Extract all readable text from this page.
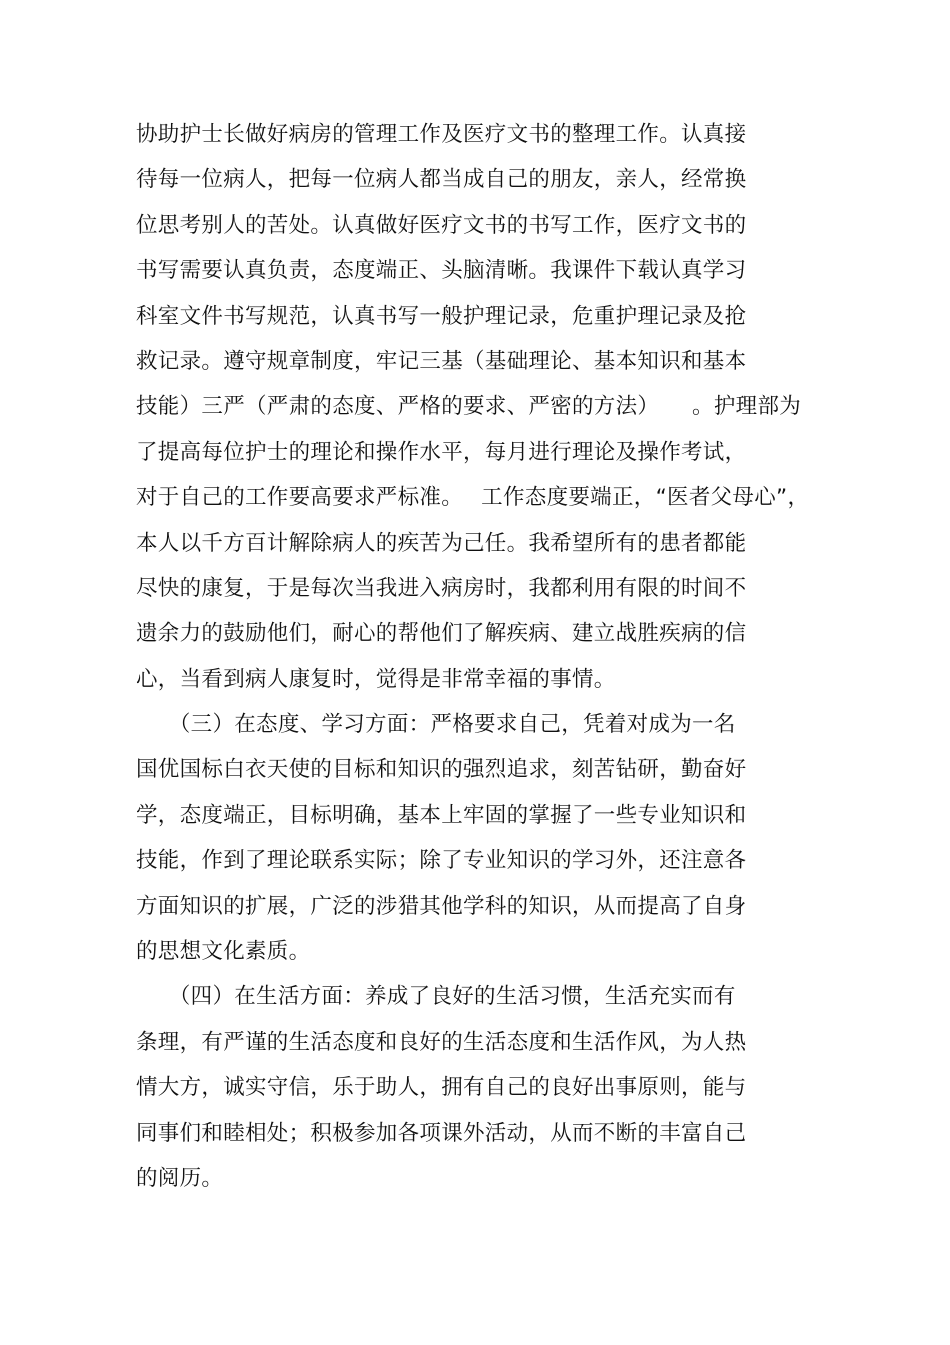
协助护士长做好病房的管理工作及医疗文书的整理工作。认真接
待每一位病人，把每一位病人都当成自己的朋友，亲人，经常换
位思考别人的苦处。认真做好医疗文书的书写工作，医疗文书的
书写需要认真负责，态度端正、头脑清晰。我课件下载认真学习
科室文件书写规范，认真书写一般护理记录，危重护理记录及抢
救记录。遵守规章制度，牢记三基（基础理论、基本知识和基本
技能）三严（严肃的态度、严格的要求、严密的方法）　　。护理部为
了提高每位护士的理论和操作水平，每月进行理论及操作考试，
对于自己的工作要高要求严标准。　 工作态度要端正，“医者父母心”，
本人以千方百计解除病人的疾苦为己任。我希望所有的患者都能
尽快的康复，于是每次当我进入病房时，我都利用有限的时间不
遗余力的鼓励他们，耐心的帮他们了解疾病、建立战胜疾病的信
心，当看到病人康复时，觉得是非常幸福的事情。
　　（三）在态度、学习方面：严格要求自己，凭着对成为一名
国优国标白衣天使的目标和知识的强烈追求，刻苦钻研，勤奋好
学，态度端正，目标明确，基本上牢固的掌握了一些专业知识和
技能，作到了理论联系实际；除了专业知识的学习外，还注意各
方面知识的扩展，广泛的涉猎其他学科的知识，从而提高了自身
的思想文化素质。
　　（四）在生活方面：养成了良好的生活习惯，生活充实而有
条理，有严谨的生活态度和良好的生活态度和生活作风，为人热
情大方，诚实守信，乐于助人，拥有自己的良好出事原则，能与
同事们和睦相处；积极参加各项课外活动，从而不断的丰富自己
的阅历。
